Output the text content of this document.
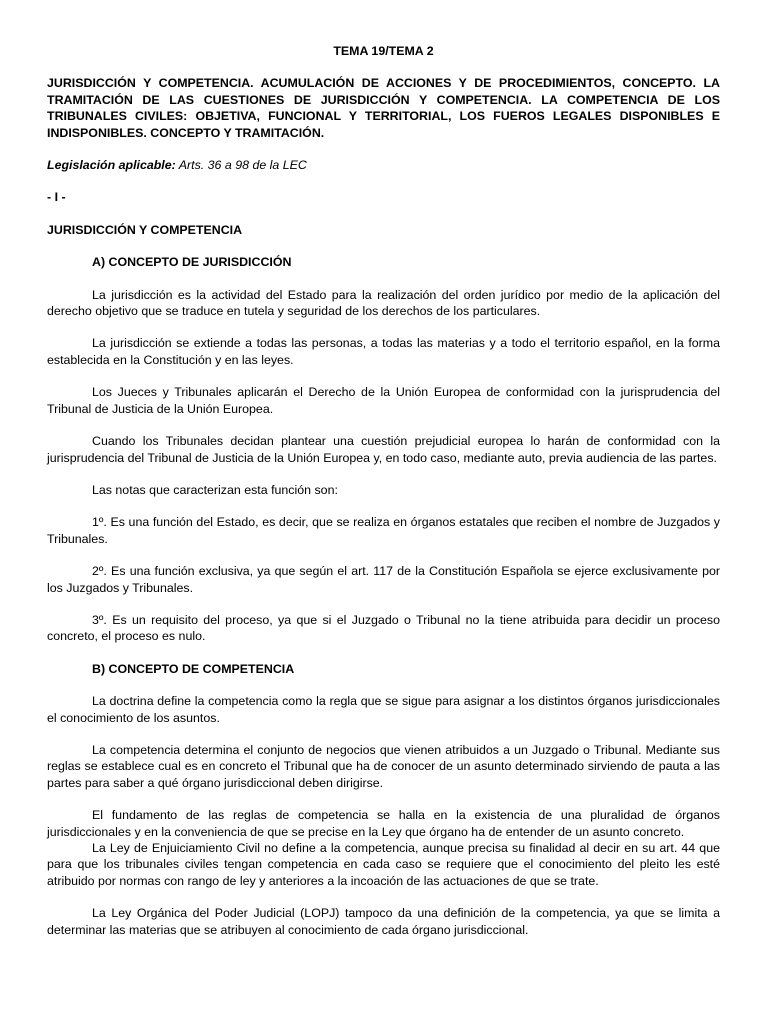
TEMA 19/TEMA 2
JURISDICCIÓN Y COMPETENCIA. ACUMULACIÓN DE ACCIONES Y DE PROCEDIMIENTOS, CONCEPTO. LA TRAMITACIÓN DE LAS CUESTIONES DE JURISDICCIÓN Y COMPETENCIA. LA COMPETENCIA DE LOS TRIBUNALES CIVILES: OBJETIVA, FUNCIONAL Y TERRITORIAL, LOS FUEROS LEGALES DISPONIBLES E INDISPONIBLES. CONCEPTO Y TRAMITACIÓN.
Legislación aplicable: Arts. 36 a 98 de la LEC
- I -
JURISDICCIÓN Y COMPETENCIA
A) CONCEPTO DE JURISDICCIÓN

La jurisdicción es la actividad del Estado para la realización del orden jurídico por medio de la aplicación del derecho objetivo que se traduce en tutela y seguridad de los derechos de los particulares.

La jurisdicción se extiende a todas las personas, a todas las materias y a todo el territorio español, en la forma establecida en la Constitución y en las leyes.

Los Jueces y Tribunales aplicarán el Derecho de la Unión Europea de conformidad con la jurisprudencia del Tribunal de Justicia de la Unión Europea.

Cuando los Tribunales decidan plantear una cuestión prejudicial europea lo harán de conformidad con la jurisprudencia del Tribunal de Justicia de la Unión Europea y, en todo caso, mediante auto, previa audiencia de las partes.

Las notas que caracterizan esta función son:

1º. Es una función del Estado, es decir, que se realiza en órganos estatales que reciben el nombre de Juzgados y Tribunales.

2º. Es una función exclusiva, ya que según el art. 117 de la Constitución Española se ejerce exclusivamente por los Juzgados y Tribunales.

3º. Es un requisito del proceso, ya que si el Juzgado o Tribunal no la tiene atribuida para decidir un proceso concreto, el proceso es nulo.

B) CONCEPTO DE COMPETENCIA

La doctrina define la competencia como la regla que se sigue para asignar a los distintos órganos jurisdiccionales el conocimiento de los asuntos.

La competencia determina el conjunto de negocios que vienen atribuidos a un Juzgado o Tribunal. Mediante sus reglas se establece cual es en concreto el Tribunal que ha de conocer de un asunto determinado sirviendo de pauta a las partes para saber a qué órgano jurisdiccional deben dirigirse.

El fundamento de las reglas de competencia se halla en la existencia de una pluralidad de órganos jurisdiccionales y en la conveniencia de que se precise en la Ley que órgano ha de entender de un asunto concreto.

La Ley de Enjuiciamiento Civil no define a la competencia, aunque precisa su finalidad al decir en su art. 44 que para que los tribunales civiles tengan competencia en cada caso se requiere que el conocimiento del pleito les esté atribuido por normas con rango de ley y anteriores a la incoación de las actuaciones de que se trate.

La Ley Orgánica del Poder Judicial (LOPJ) tampoco da una definición de la competencia, ya que se limita a determinar las materias que se atribuyen al conocimiento de cada órgano jurisdiccional.
